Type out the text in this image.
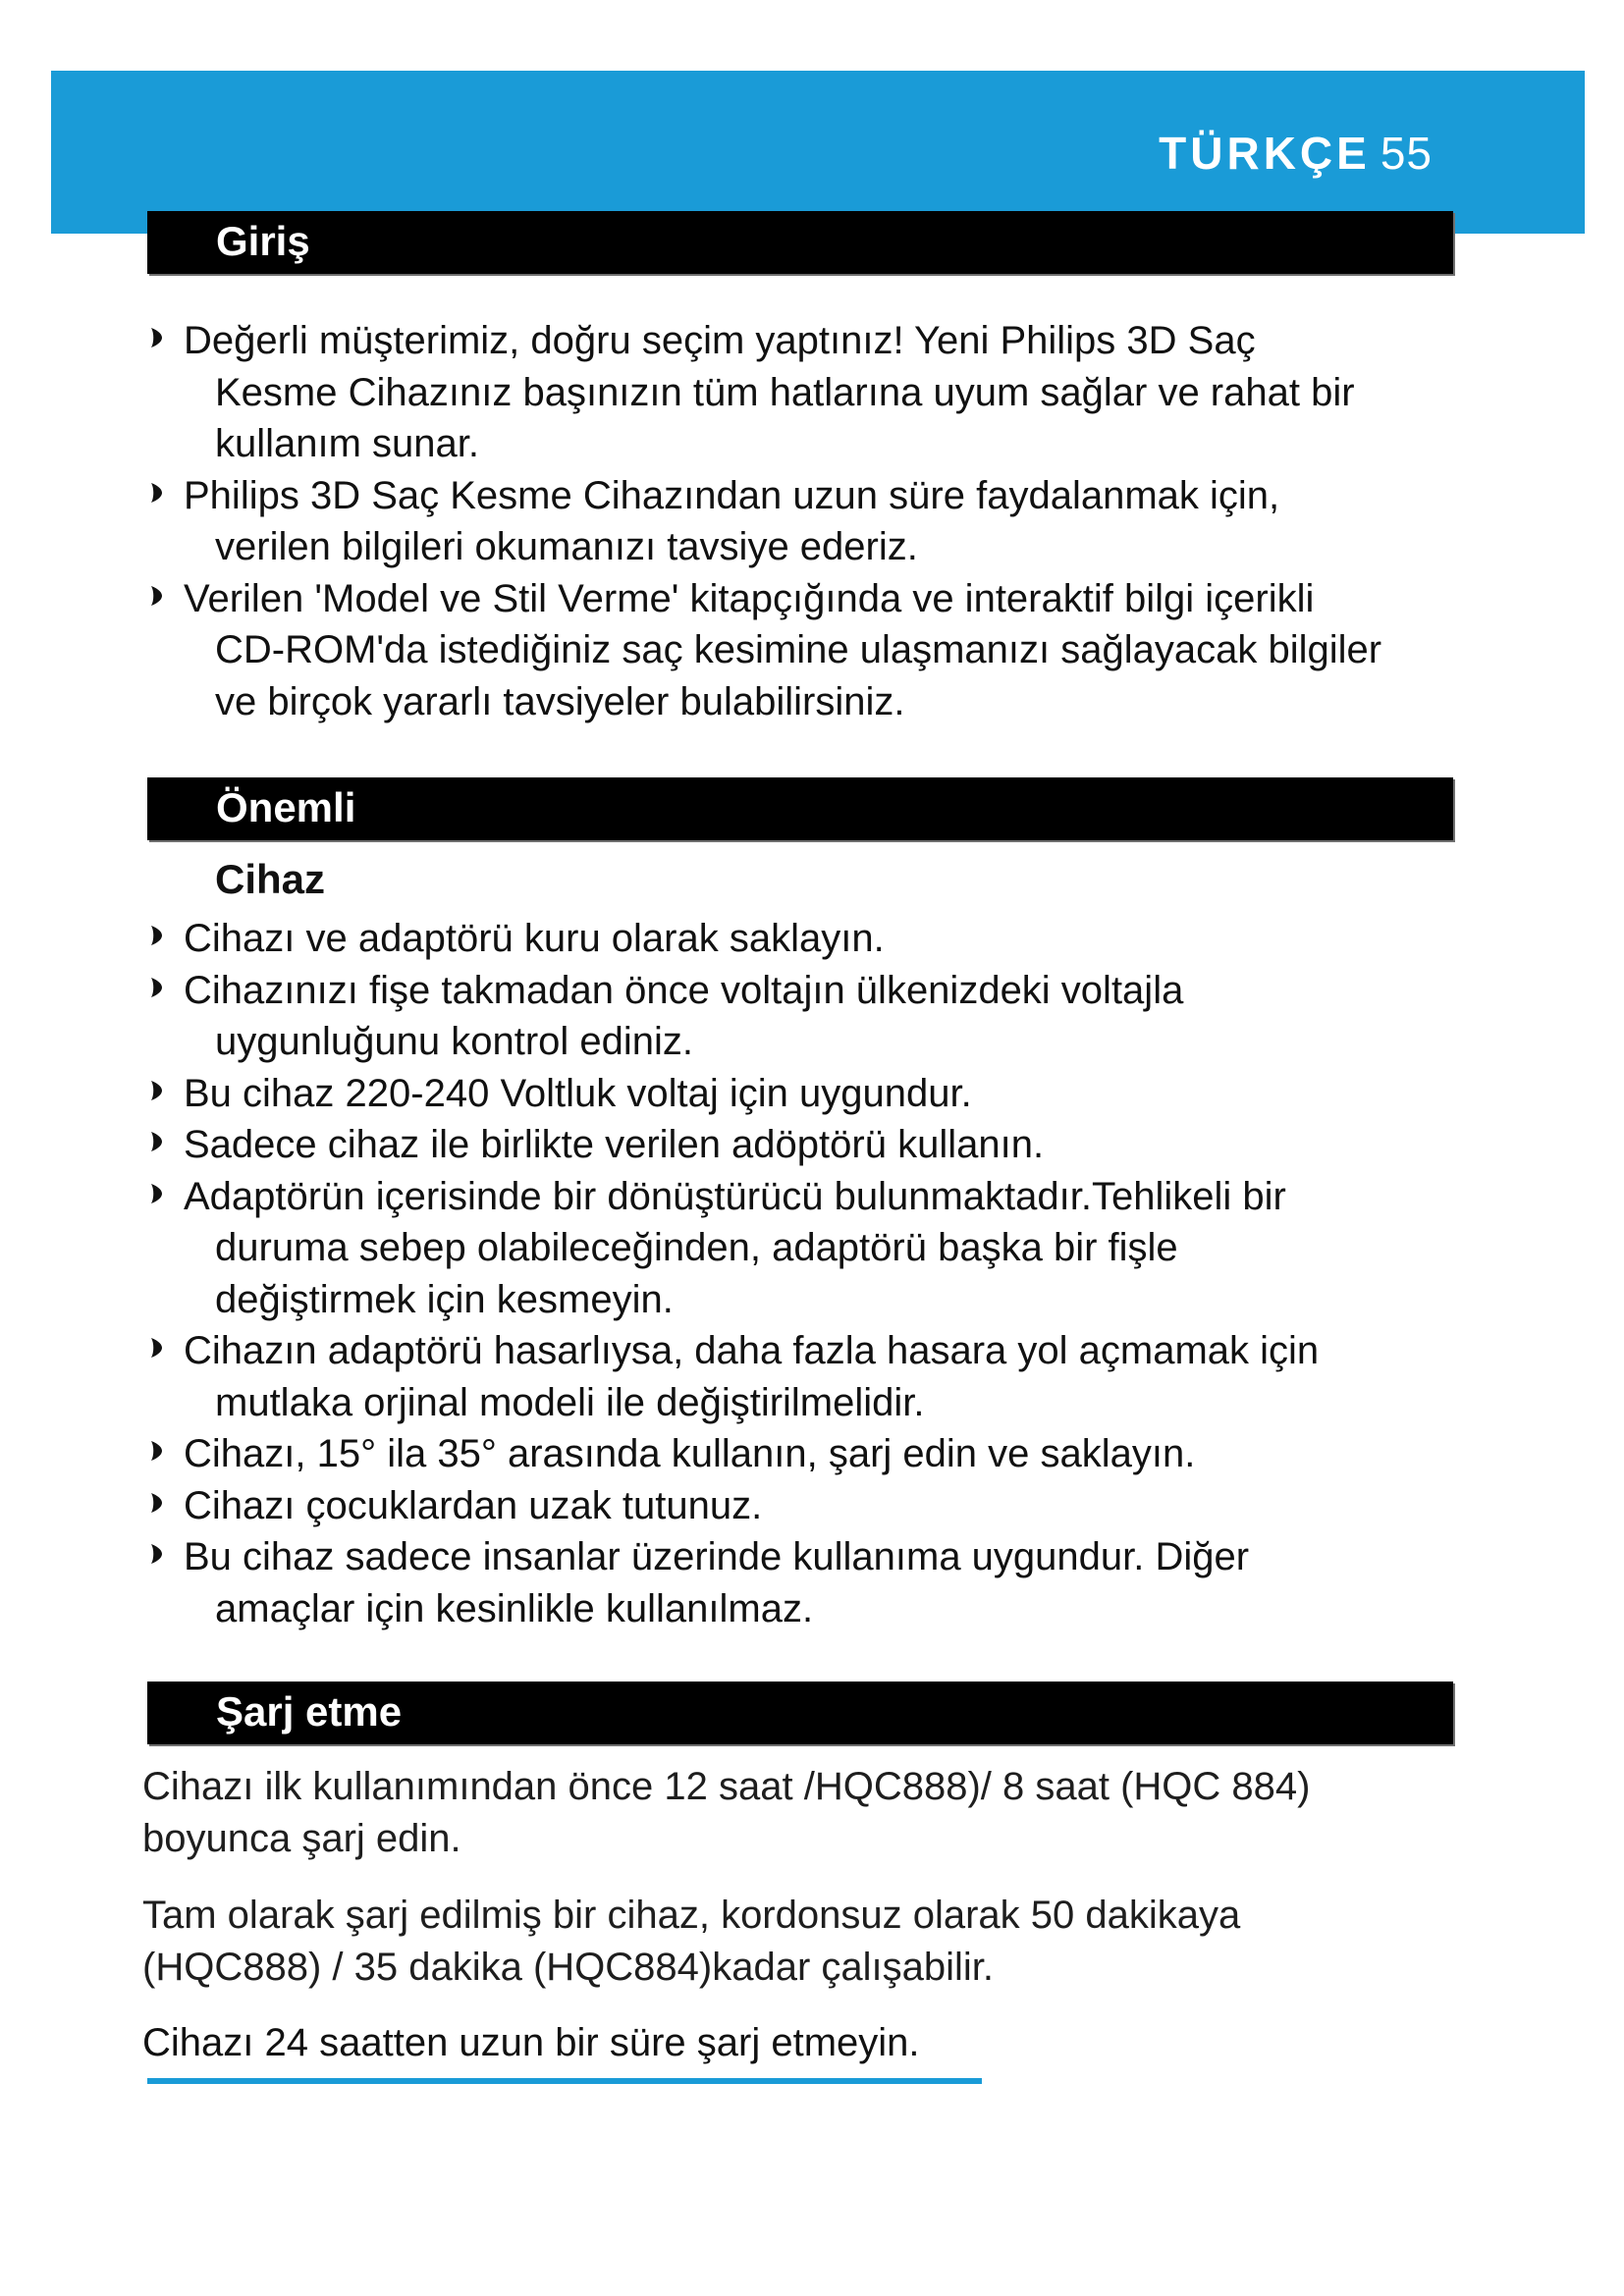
TÜRKÇE 55
Giriş
Değerli müşterimiz, doğru seçim yaptınız! Yeni Philips 3D Saç
Kesme Cihazınız başınızın tüm hatlarına uyum sağlar ve rahat bir
kullanım sunar.
Philips 3D Saç Kesme Cihazından uzun süre faydalanmak için,
verilen bilgileri okumanızı tavsiye ederiz.
Verilen 'Model ve Stil Verme' kitapçığında ve interaktif bilgi içerikli
CD-ROM'da istediğiniz saç kesimine ulaşmanızı sağlayacak bilgiler
ve birçok yararlı tavsiyeler bulabilirsiniz.
Önemli
Cihaz
Cihazı ve adaptörü kuru olarak saklayın.
Cihazınızı fişe takmadan önce voltajın ülkenizdeki voltajla
uygunluğunu kontrol ediniz.
Bu cihaz 220-240 Voltluk voltaj için uygundur.
Sadece cihaz ile birlikte verilen adöptörü kullanın.
Adaptörün içerisinde bir dönüştürücü bulunmaktadır.Tehlikeli bir
duruma sebep olabileceğinden, adaptörü başka bir fişle
değiştirmek için kesmeyin.
Cihazın adaptörü hasarlıysa, daha fazla hasara yol açmamak için
mutlaka orjinal modeli ile değiştirilmelidir.
Cihazı, 15° ila 35° arasında kullanın, şarj edin ve saklayın.
Cihazı çocuklardan uzak tutunuz.
Bu cihaz sadece insanlar üzerinde kullanıma uygundur. Diğer
amaçlar için kesinlikle kullanılmaz.
Şarj etme

Cihazı ilk kullanımından önce 12 saat /HQC888)/ 8 saat (HQC 884)
boyunca şarj edin.

Tam olarak şarj edilmiş bir cihaz, kordonsuz olarak 50 dakikaya
(HQC888) / 35 dakika (HQC884)kadar çalışabilir.

Cihazı 24 saatten uzun bir süre şarj etmeyin.
